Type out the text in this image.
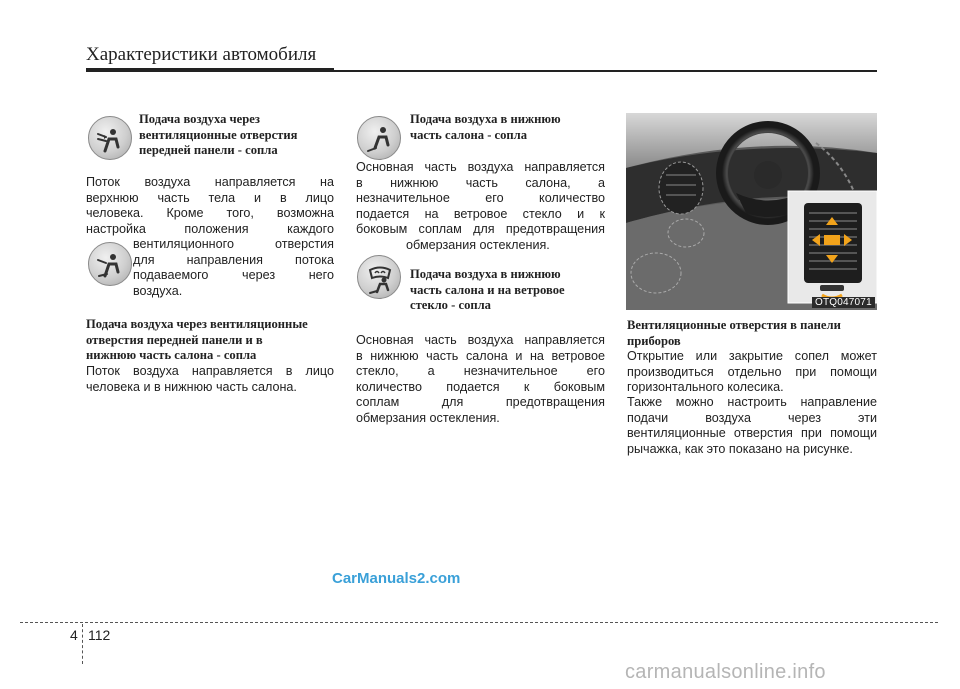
Характеристики автомобиля
Подача воздуха через
вентиляционные отверстия
передней панели - сопла
Поток воздуха направляется на
верхнюю часть тела и в лицо
человека. Кроме того, возможна
настройка положения каждого
вентиляционного отверстия
для направления потока
подаваемого через него
воздуха.
Подача воздуха через вентиляционные
отверстия передней панели и в
нижнюю часть салона - сопла
Поток воздуха направляется в лицо
человека и в нижнюю часть салона.
Подача воздуха в нижнюю
часть салона - сопла
Основная часть воздуха направляется
в нижнюю часть салона, а
незначительное его количество
подается на ветровое стекло и к
боковым соплам для предотвращения
обмерзания остекления.
Подача воздуха в нижнюю
часть салона и на ветровое
стекло - сопла
Основная часть воздуха направляется
в нижнюю часть салона и на ветровое
стекло, а незначительное его
количество подается к боковым
соплам для предотвращения
обмерзания остекления.
OTQ047071
Вентиляционные отверстия в панели
приборов
Открытие или закрытие сопел может
производиться отдельно при помощи
горизонтального колесика.
Также можно настроить направление
подачи воздуха через эти
вентиляционные отверстия при помощи
рычажка, как это показано на рисунке.
CarManuals2.com
4 112
carmanualsonline.info
